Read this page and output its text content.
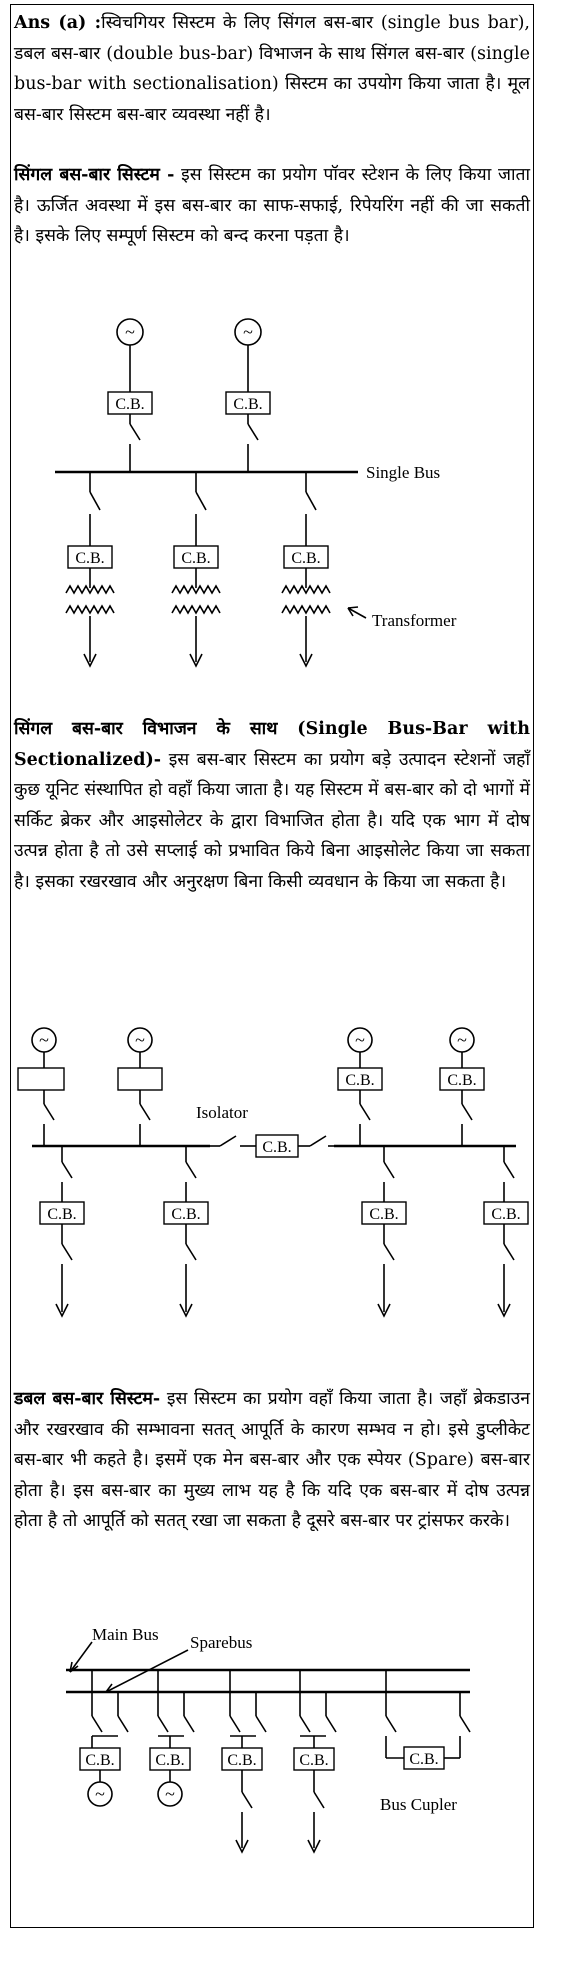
Ans (a) :स्विचगियर सिस्टम के लिए सिंगल बस-बार (single bus bar), डबल बस-बार (double bus-bar) विभाजन के साथ सिंगल बस-बार (single bus-bar with sectionalisation) सिस्टम का उपयोग किया जाता है। मूल बस-बार सिस्टम बस-बार व्यवस्था नहीं है।

सिंगल बस-बार सिस्टम - इस सिस्टम का प्रयोग पॉवर स्टेशन के लिए किया जाता है। ऊर्जित अवस्था में इस बस-बार का साफ-सफाई, रिपेयरिंग नहीं की जा सकती है। इसके लिए सम्पूर्ण सिस्टम को बन्द करना पड़ता है।

~	~
C.B.	C.B.
Single Bus
C.B.	C.B.	C.B.
Transformer

सिंगल बस-बार विभाजन के साथ (Single Bus-Bar with Sectionalized)- इस बस-बार सिस्टम का प्रयोग बड़े उत्पादन स्टेशनों जहाँ कुछ यूनिट संस्थापित हो वहाँ किया जाता है। यह सिस्टम में बस-बार को दो भागों में सर्किट ब्रेकर और आइसोलेटर के द्वारा विभाजित होता है। यदि एक भाग में दोष उत्पन्न होता है तो उसे सप्लाई को प्रभावित किये बिना आइसोलेट किया जा सकता है। इसका रखरखाव और अनुरक्षण बिना किसी व्यवधान के किया जा सकता है।

~	~	~
C.B.
~
C.B.
C.B.
Isolator
C.B.	C.B.	C.B.	C.B.

डबल बस-बार सिस्टम- इस सिस्टम का प्रयोग वहाँ किया जाता है। जहाँ ब्रेकडाउन और रखरखाव की सम्भावना सतत् आपूर्ति के कारण सम्भव न हो। इसे डुप्लीकेट बस-बार भी कहते है। इसमें एक मेन बस-बार और एक स्पेयर (Spare) बस-बार होता है। इस बस-बार का मुख्य लाभ यह है कि यदि एक बस-बार में दोष उत्पन्न होता है तो आपूर्ति को सतत् रखा जा सकता है दूसरे बस-बार पर ट्रांसफर करके।

Main Bus Sparebus
C.B.
~
C.B.
~
C.B.	C.B.	C.B.
Bus Cupler
